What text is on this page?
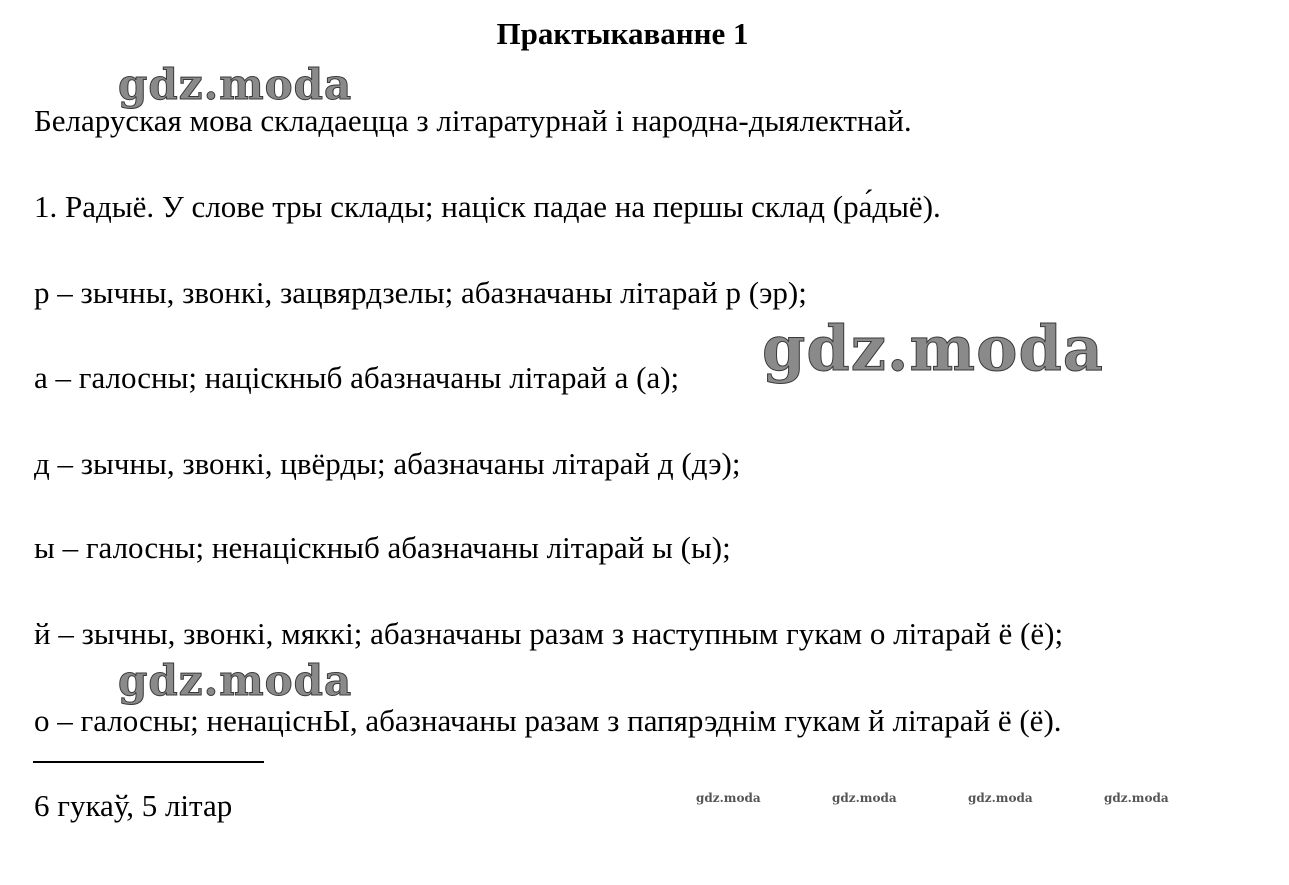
Практыкаванне 1
Беларуская мова складаецца з літаратурнай і народна-дыялектнай.
1. Радыё. У слове тры склады; націск падае на першы склад (ра́дыё).
р – зычны, звонкі, зацвярдзелы; абазначаны літарай р (эр);
а – галосны; націскныб абазначаны літарай а (а);
д – зычны, звонкі, цвёрды; абазначаны літарай д (дэ);
ы – галосны; ненаціскныб абазначаны літарай ы (ы);
й – зычны, звонкі, мяккі; абазначаны разам з наступным гукам о літарай ё (ё);
о – галосны; ненаціснЫ, абазначаны разам з папярэднім гукам й літарай ё (ё).
6 гукаў, 5 літар
gdz.moda
gdz.moda
gdz.moda
gdz.moda	gdz.moda	gdz.moda	gdz.moda
